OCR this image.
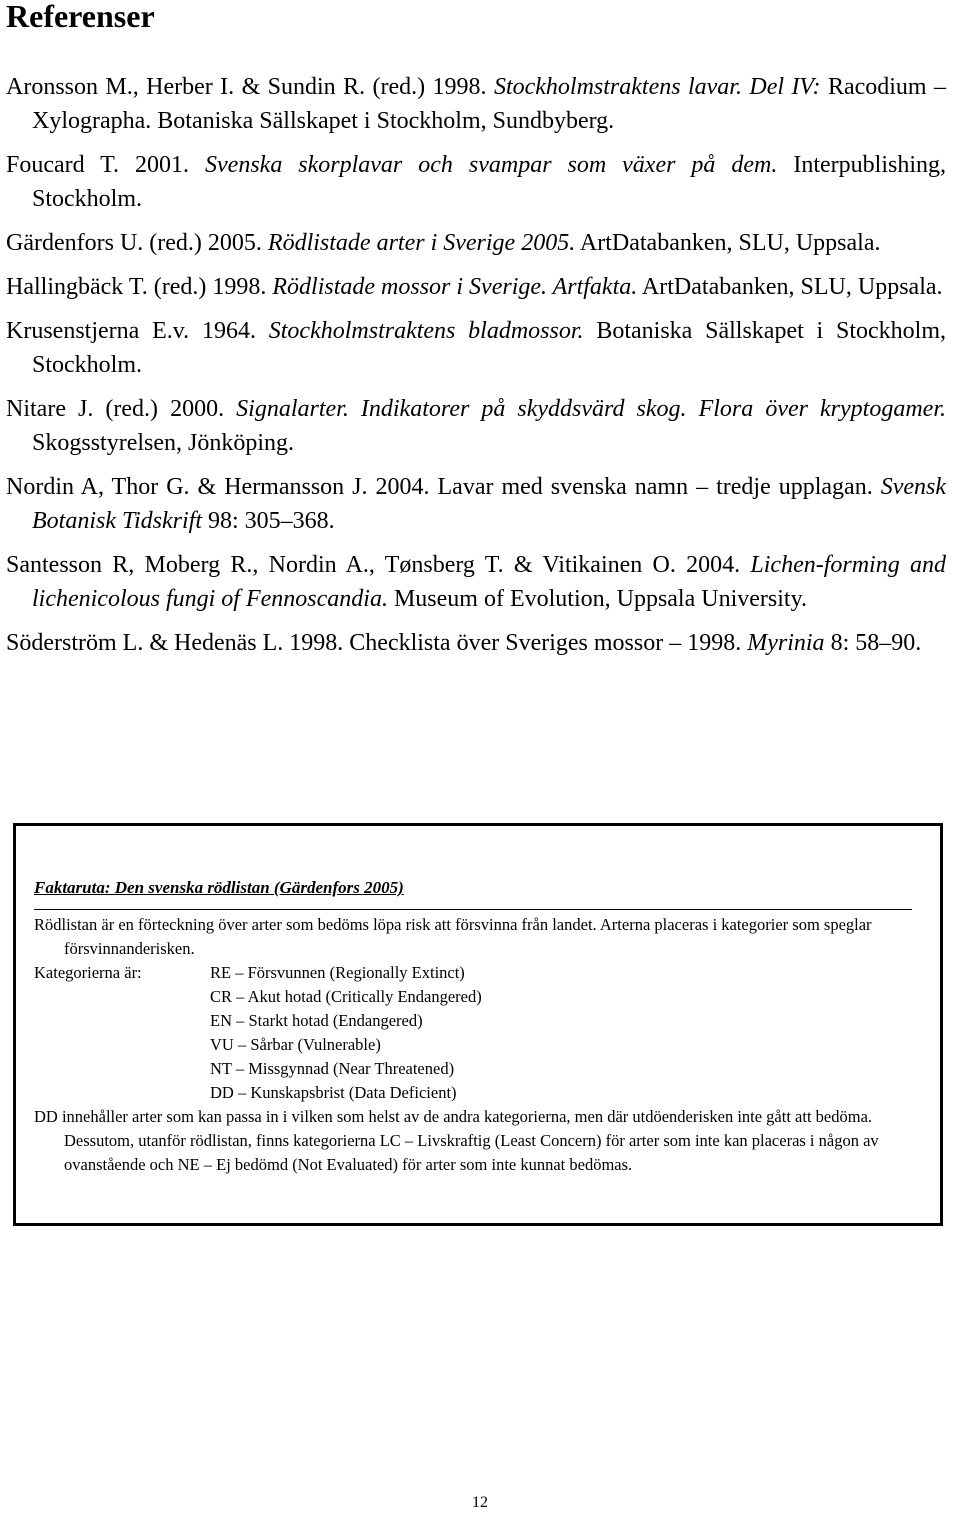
Referenser
Aronsson M., Herber I. & Sundin R. (red.) 1998. Stockholmstraktens lavar. Del IV: Racodium – Xylographa. Botaniska Sällskapet i Stockholm, Sundbyberg.
Foucard T. 2001. Svenska skorplavar och svampar som växer på dem. Interpublishing, Stockholm.
Gärdenfors U. (red.) 2005. Rödlistade arter i Sverige 2005. ArtDatabanken, SLU, Uppsala.
Hallingbäck T. (red.) 1998. Rödlistade mossor i Sverige. Artfakta. ArtDatabanken, SLU, Uppsala.
Krusenstjerna E.v. 1964. Stockholmstraktens bladmossor. Botaniska Sällskapet i Stockholm, Stockholm.
Nitare J. (red.) 2000. Signalarter. Indikatorer på skyddsvärd skog. Flora över kryptogamer. Skogsstyrelsen, Jönköping.
Nordin A, Thor G. & Hermansson J. 2004. Lavar med svenska namn – tredje upplagan. Svensk Botanisk Tidskrift 98: 305–368.
Santesson R, Moberg R., Nordin A., Tønsberg T. & Vitikainen O. 2004. Lichen-forming and lichenicolous fungi of Fennoscandia. Museum of Evolution, Uppsala University.
Söderström L. & Hedenäs L. 1998. Checklista över Sveriges mossor – 1998. Myrinia 8: 58–90.

Faktaruta: Den svenska rödlistan (Gärdenfors 2005)

Rödlistan är en förteckning över arter som bedöms löpa risk att försvinna från landet. Arterna placeras i kategorier som speglar försvinnanderisken.

Kategorierna är:	RE – Försvunnen (Regionally Extinct)
CR – Akut hotad (Critically Endangered)
EN – Starkt hotad (Endangered)
VU – Sårbar (Vulnerable)
NT – Missgynnad (Near Threatened)
DD – Kunskapsbrist (Data Deficient)

DD innehåller arter som kan passa in i vilken som helst av de andra kategorierna, men där utdöenderisken inte gått att bedöma. Dessutom, utanför rödlistan, finns kategorierna LC – Livskraftig (Least Concern) för arter som inte kan placeras i någon av ovanstående och NE – Ej bedömd (Not Evaluated) för arter som inte kunnat bedömas.

12
